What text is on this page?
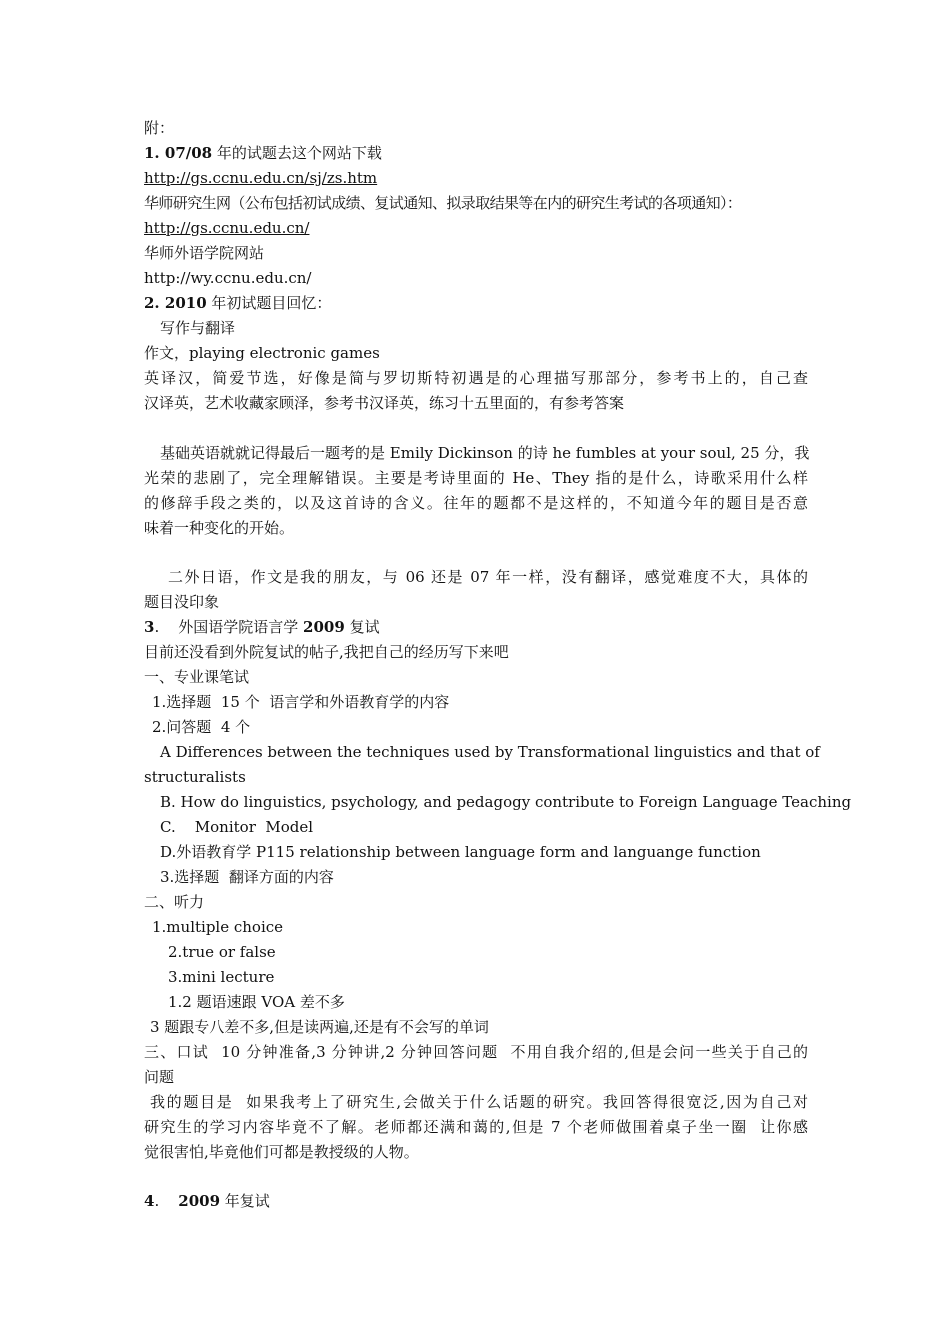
附：
1. 07/08 年的试题去这个网站下载
http://gs.ccnu.edu.cn/sj/zs.htm
华师研究生网（公布包括初试成绩、复试通知、拟录取结果等在内的研究生考试的各项通知）：
http://gs.ccnu.edu.cn/
华师外语学院网站
http://wy.ccnu.edu.cn/
2. 2010 年初试题目回忆：
写作与翻译
作文，playing electronic games
英译汉，简爱节选，好像是简与罗切斯特初遇是的心理描写那部分，参考书上的，自己查
汉译英，艺术收藏家顾泽，参考书汉译英，练习十五里面的，有参考答案
基础英语就就记得最后一题考的是 Emily Dickinson 的诗 he fumbles at your soul, 25 分，我
光荣的悲剧了，完全理解错误。主要是考诗里面的 He、They 指的是什么，诗歌采用什么样
的修辞手段之类的，以及这首诗的含义。往年的题都不是这样的，不知道今年的题目是否意
味着一种变化的开始。
二外日语，作文是我的朋友，与 06 还是 07 年一样，没有翻译，感觉难度不大，具体的
题目没印象
3.    外国语学院语言学 2009 复试
目前还没看到外院复试的帖子,我把自己的经历写下来吧
一、专业课笔试
1.选择题  15 个  语言学和外语教育学的内容
2.问答题  4 个
A Differences between the techniques used by Transformational linguistics and that of
structuralists
B. How do linguistics, psychology, and pedagogy contribute to Foreign Language Teaching
C.    Monitor  Model
D.外语教育学 P115 relationship between language form and languange function
3.选择题  翻译方面的内容
二、听力
1.multiple choice
2.true or false
3.mini lecture
1.2 题语速跟 VOA 差不多
3 题跟专八差不多,但是读两遍,还是有不会写的单词
三、口试  10 分钟准备,3 分钟讲,2 分钟回答问题  不用自我介绍的,但是会问一些关于自己的
问题
我的题目是  如果我考上了研究生,会做关于什么话题的研究。我回答得很宽泛,因为自己对
研究生的学习内容毕竟不了解。老师都还满和蔼的,但是 7 个老师做围着桌子坐一圈  让你感
觉很害怕,毕竟他们可都是教授级的人物。
4.    2009 年复试
